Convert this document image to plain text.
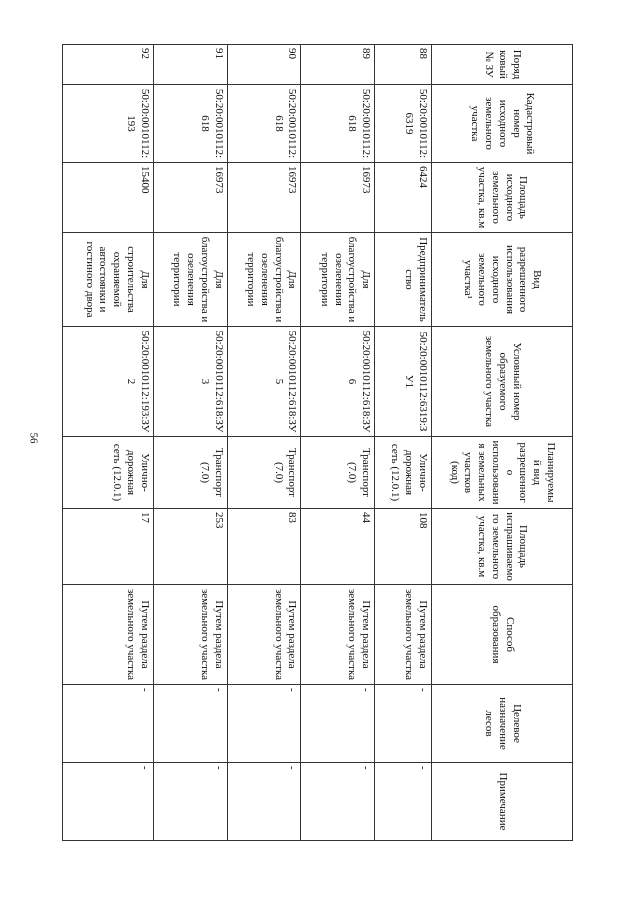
56
Порядковый № ЗУ	Кадастровый номер исходного земельного участка	Площадь исходного земельного участка, кв.м	Вид разрешенного использования исходного земельного участка¹	Условный номер образуемого земельного участка	Планируемый вид разрешенного использования земельных участков (код)	Площадь испрашиваемого земельного участка, кв.м	Способ образования	Целевое назначение лесов	Примечание
88	50:20:0010112:6319	6424	Предпринимательство	50:20:0010112:6319:ЗУ1	Улично-дорожная сеть (12.0.1)	108	Путем раздела земельного участка	-	-
89	50:20:0010112:618	16973	Для благоустройства и озеленения территории	50:20:0010112:618:ЗУ6	Транспорт (7.0)	44	Путем раздела земельного участка	-	-
90	50:20:0010112:618	16973	Для благоустройства и озеленения территории	50:20:0010112:618:ЗУ5	Транспорт (7.0)	83	Путем раздела земельного участка	-	-
91	50:20:0010112:618	16973	Для благоустройства и озеленения территории	50:20:0010112:618:ЗУ3	Транспорт (7.0)	253	Путем раздела земельного участка	-	-
92	50:20:0010112:193	15400	Для строительства охраняемой автостоянки и гостиного двора	50:20:0010112:193:ЗУ2	Улично-дорожная сеть (12.0.1)	17	Путем раздела земельного участка	-	-
